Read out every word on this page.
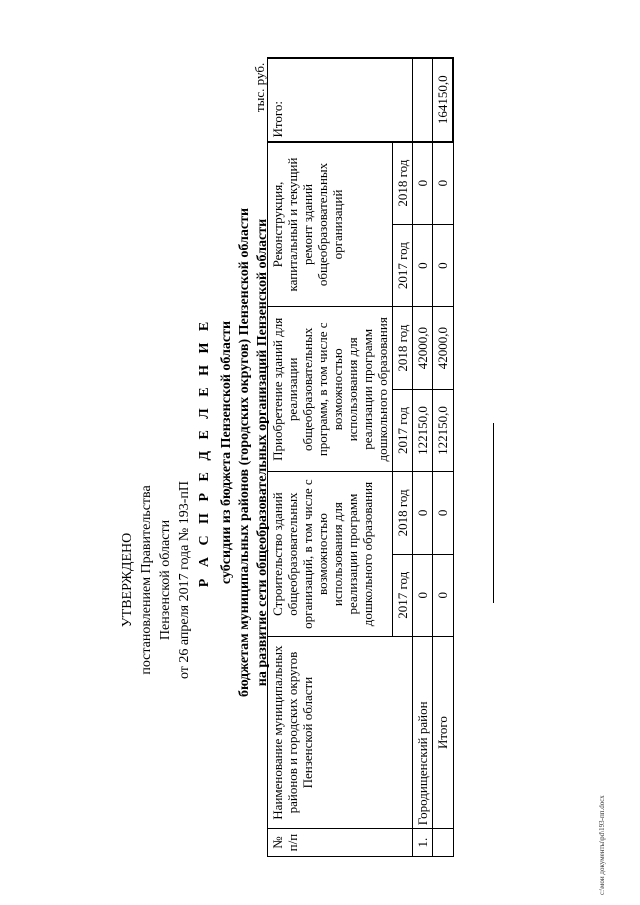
УТВЕРЖДЕНО постановлением Правительства Пензенской области от 26 апреля 2017 года № 193-пП Р А С П Р Е Д Е Л Е Н И Е субсидии из бюджета Пензенской области бюджетам муниципальных районов (городских округов) Пензенской области на развитие сети общеобразовательных организаций Пензенской области
тыс. руб.
№ п/п	Наименование муниципальных районов и городских округов Пензенской области	Строительство зданий общеобразовательных организаций, в том числе с возможностью использования для реализации программ дошкольного образования		Приобретение зданий для реализации общеобразовательных программ, в том числе с возможностью использования для реализации программ дошкольного образования		Реконструкция, капитальный и текущий ремонт зданий общеобразовательных организаций		Итого:
		2017 год	2018 год	2017 год	2018 год	2017 год	2018 год	
1.	Городищенский район	0	0	122150,0	42000,0	0	0	
	Итого	0	0	122150,0	42000,0	0	0	164150,0
с:\мои документы\pd\193-пп.docx
